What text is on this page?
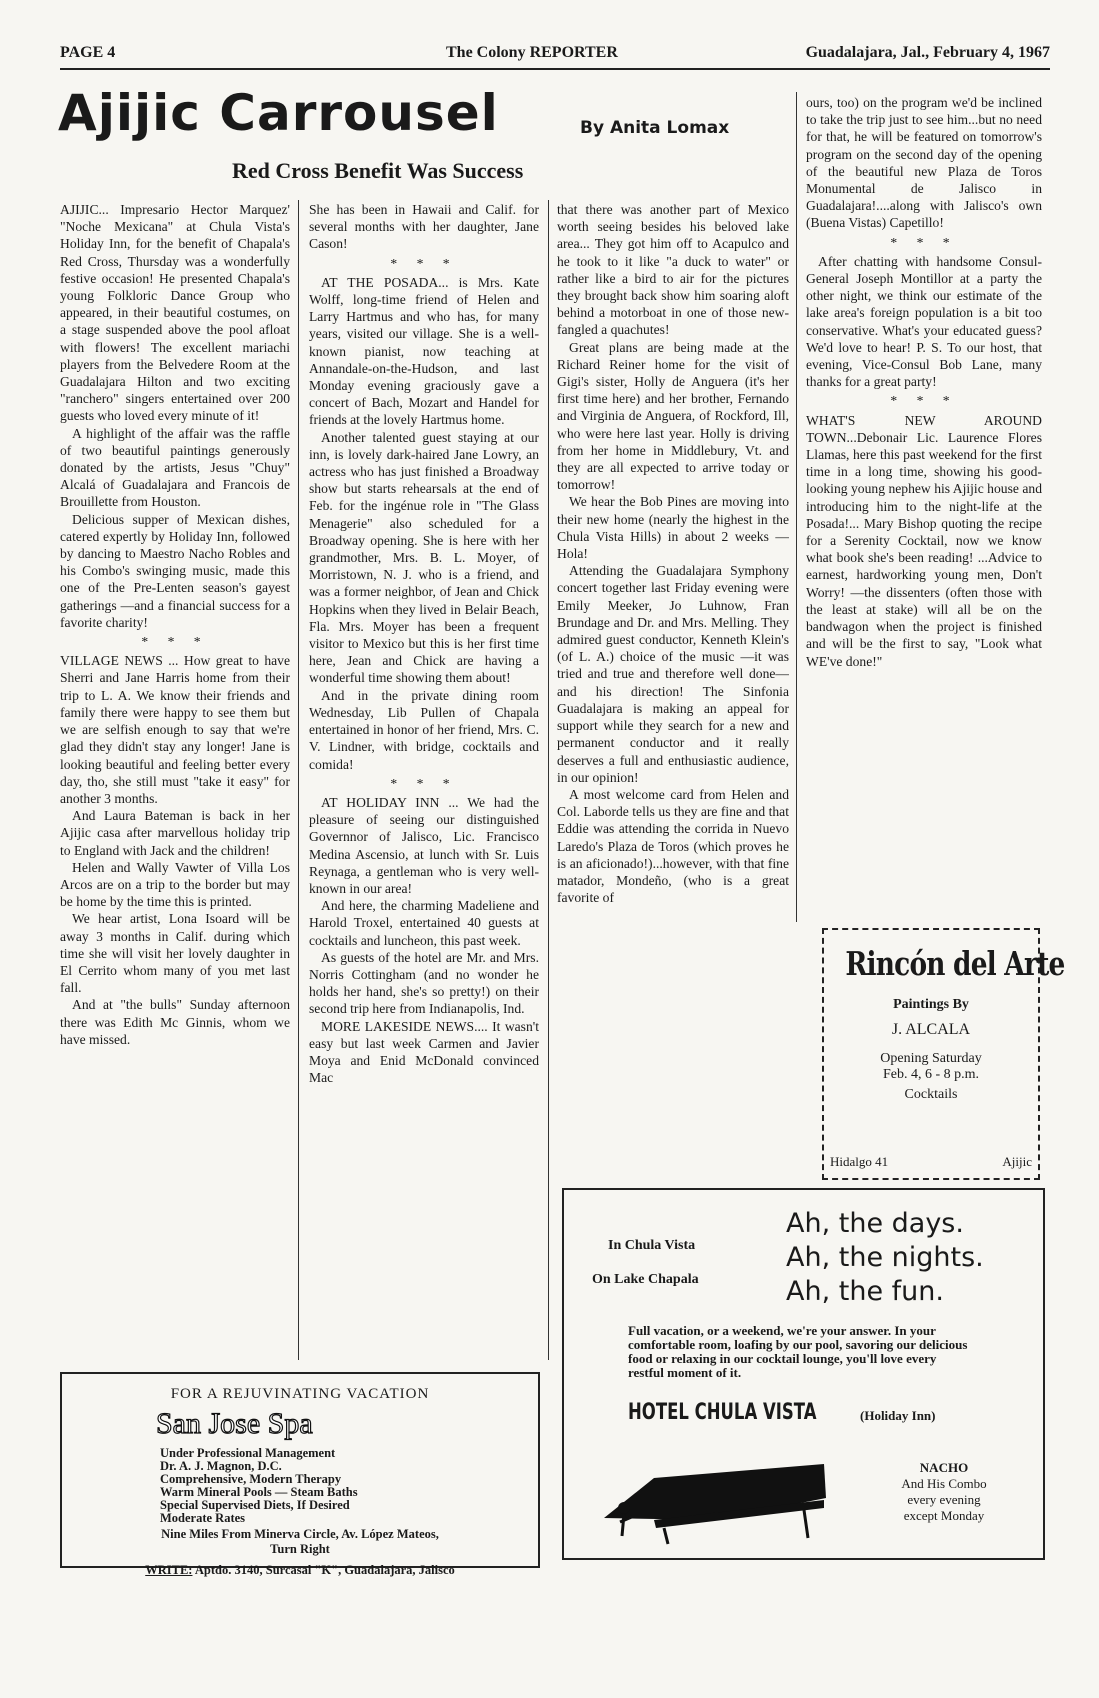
PAGE 4	The Colony REPORTER	Guadalajara, Jal., February 4, 1967
Ajijic Carrousel	By Anita Lomax
Red Cross Benefit Was Success

AJIJIC... Impresario Hector Marquez' "Noche Mexicana" at Chula Vista's Holiday Inn, for the benefit of Chapala's Red Cross, Thursday was a wonderfully festive occasion! He presented Chapala's young Folkloric Dance Group who appeared, in their beautiful costumes, on a stage suspended above the pool afloat with flowers! The excellent mariachi players from the Belvedere Room at the Guadalajara Hilton and two exciting "ranchero" singers entertained over 200 guests who loved every minute of it!

A highlight of the affair was the raffle of two beautiful paintings generously donated by the artists, Jesus "Chuy" Alcalá of Guadalajara and Francois de Brouillette from Houston.

Delicious supper of Mexican dishes, catered expertly by Holiday Inn, followed by dancing to Maestro Nacho Robles and his Combo's swinging music, made this one of the Pre-Lenten season's gayest gatherings —and a financial success for a favorite charity!

* * *

VILLAGE NEWS ... How great to have Sherri and Jane Harris home from their trip to L. A. We know their friends and family there were happy to see them but we are selfish enough to say that we're glad they didn't stay any longer! Jane is looking beautiful and feeling better every day, tho, she still must "take it easy" for another 3 months.

And Laura Bateman is back in her Ajijic casa after marvellous holiday trip to England with Jack and the children!

Helen and Wally Vawter of Villa Los Arcos are on a trip to the border but may be home by the time this is printed.

We hear artist, Lona Isoard will be away 3 months in Calif. during which time she will visit her lovely daughter in El Cerrito whom many of you met last fall.

And at "the bulls" Sunday afternoon there was Edith Mc Ginnis, whom we have missed.

She has been in Hawaii and Calif. for several months with her daughter, Jane Cason!

* * *

AT THE POSADA... is Mrs. Kate Wolff, long-time friend of Helen and Larry Hartmus and who has, for many years, visited our village. She is a well-known pianist, now teaching at Annandale-on-the-Hudson, and last Monday evening graciously gave a concert of Bach, Mozart and Handel for friends at the lovely Hartmus home.

Another talented guest staying at our inn, is lovely dark-haired Jane Lowry, an actress who has just finished a Broadway show but starts rehearsals at the end of Feb. for the ingénue role in "The Glass Menagerie" also scheduled for a Broadway opening. She is here with her grandmother, Mrs. B. L. Moyer, of Morristown, N. J. who is a friend, and was a former neighbor, of Jean and Chick Hopkins when they lived in Belair Beach, Fla. Mrs. Moyer has been a frequent visitor to Mexico but this is her first time here, Jean and Chick are having a wonderful time showing them about!

And in the private dining room Wednesday, Lib Pullen of Chapala entertained in honor of her friend, Mrs. C. V. Lindner, with bridge, cocktails and comida!

* * *

AT HOLIDAY INN ... We had the pleasure of seeing our distinguished Governnor of Jalisco, Lic. Francisco Medina Ascensio, at lunch with Sr. Luis Reynaga, a gentleman who is very well-known in our area!

And here, the charming Madeliene and Harold Troxel, entertained 40 guests at cocktails and luncheon, this past week.

As guests of the hotel are Mr. and Mrs. Norris Cottingham (and no wonder he holds her hand, she's so pretty!) on their second trip here from Indianapolis, Ind.

MORE LAKESIDE NEWS.... It wasn't easy but last week Carmen and Javier Moya and Enid McDonald convinced Mac

that there was another part of Mexico worth seeing besides his beloved lake area... They got him off to Acapulco and he took to it like "a duck to water" or rather like a bird to air for the pictures they brought back show him soaring aloft behind a motorboat in one of those new-fangled a quachutes!

Great plans are being made at the Richard Reiner home for the visit of Gigi's sister, Holly de Anguera (it's her first time here) and her brother, Fernando and Virginia de Anguera, of Rockford, Ill, who were here last year. Holly is driving from her home in Middlebury, Vt. and they are all expected to arrive today or tomorrow!

We hear the Bob Pines are moving into their new home (nearly the highest in the Chula Vista Hills) in about 2 weeks —Hola!

Attending the Guadalajara Symphony concert together last Friday evening were Emily Meeker, Jo Luhnow, Fran Brundage and Dr. and Mrs. Melling. They admired guest conductor, Kenneth Klein's (of L. A.) choice of the music —it was tried and true and therefore well done— and his direction! The Sinfonia Guadalajara is making an appeal for support while they search for a new and permanent conductor and it really deserves a full and enthusiastic audience, in our opinion!

A most welcome card from Helen and Col. Laborde tells us they are fine and that Eddie was attending the corrida in Nuevo Laredo's Plaza de Toros (which proves he is an aficionado!)...however, with that fine matador, Mondeño, (who is a great favorite of

ours, too) on the program we'd be inclined to take the trip just to see him...but no need for that, he will be featured on tomorrow's program on the second day of the opening of the beautiful new Plaza de Toros Monumental de Jalisco in Guadalajara!....along with Jalisco's own (Buena Vistas) Capetillo!

* * *

After chatting with handsome Consul-General Joseph Montillor at a party the other night, we think our estimate of the lake area's foreign population is a bit too conservative. What's your educated guess? We'd love to hear! P. S. To our host, that evening, Vice-Consul Bob Lane, many thanks for a great party!

* * *

WHAT'S NEW AROUND TOWN...Debonair Lic. Laurence Flores Llamas, here this past weekend for the first time in a long time, showing his good-looking young nephew his Ajijic house and introducing him to the night-life at the Posada!... Mary Bishop quoting the recipe for a Serenity Cocktail, now we know what book she's been reading! ...Advice to earnest, hardworking young men, Don't Worry! —the dissenters (often those with the least at stake) will all be on the bandwagon when the project is finished and will be the first to say, "Look what WE've done!"

Rincón del Arte
Paintings By
J. ALCALA
Opening Saturday
Feb. 4, 6 - 8 p.m.
Cocktails
Hidalgo 41	Ajijic
In Chula Vista
On Lake Chapala
Ah, the days.
Ah, the nights.
Ah, the fun.
Full vacation, or a weekend, we're your answer. In your comfortable room, loafing by our pool, savoring our delicious food or relaxing in our cocktail lounge, you'll love every restful moment of it.
HOTEL CHULA VISTA	(Holiday Inn)
NACHO
And His Combo
every evening
except Monday
FOR A REJUVINATING VACATION
San Jose Spa
Under Professional Management
Dr. A. J. Magnon, D.C.
Comprehensive, Modern Therapy
Warm Mineral Pools — Steam Baths
Special Supervised Diets, If Desired
Moderate Rates
Nine Miles From Minerva Circle, Av. López Mateos,
Turn Right
WRITE: Aptdo. 3140, Surcasal "K", Guadalajara, Jalisco
